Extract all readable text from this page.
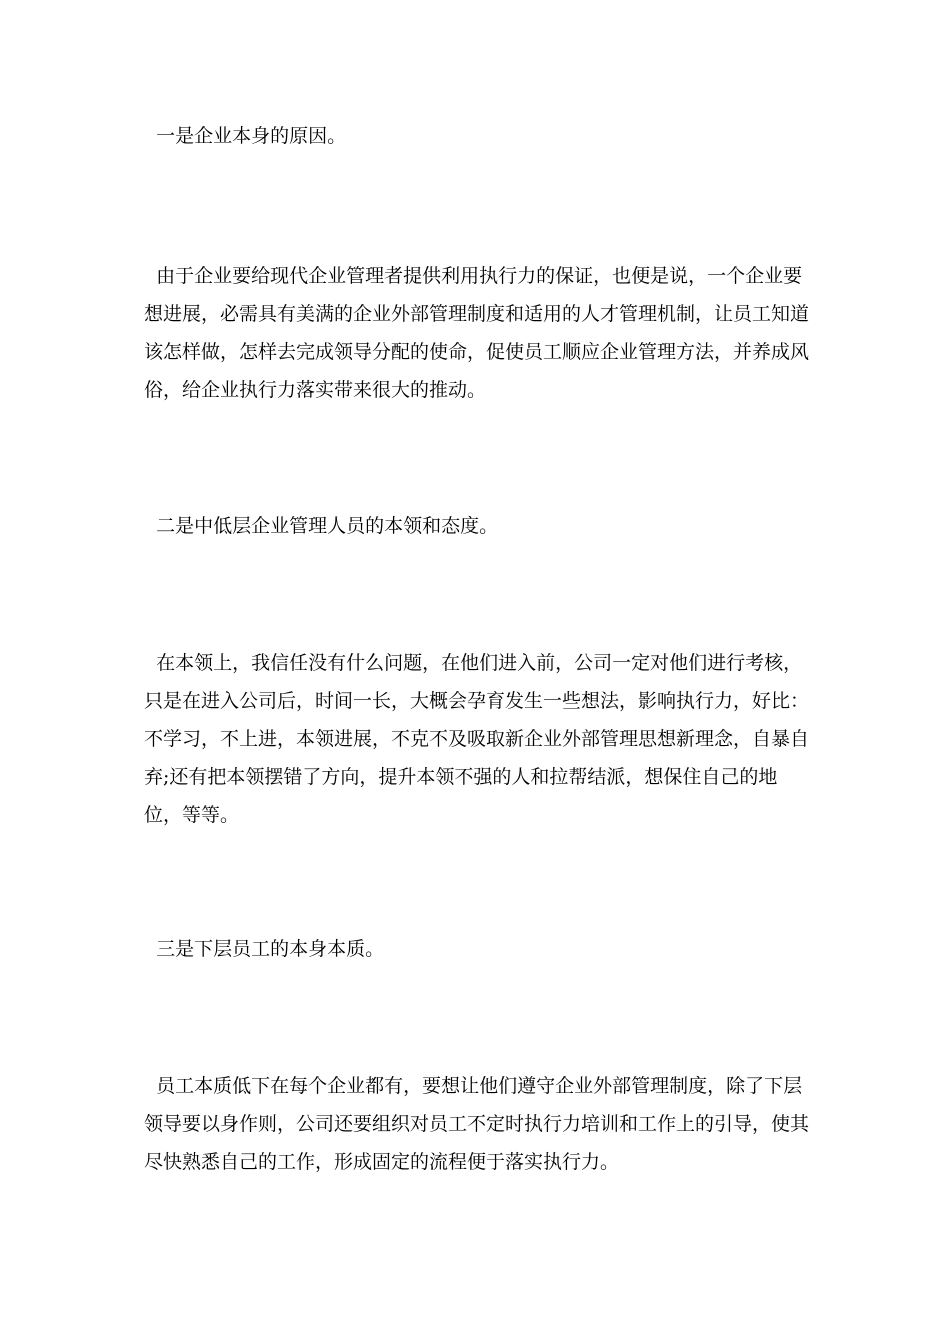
一是企业本身的原因。

由于企业要给现代企业管理者提供利用执行力的保证，也便是说，一个企业要想进展，必需具有美满的企业外部管理制度和适用的人才管理机制，让员工知道该怎样做，怎样去完成领导分配的使命，促使员工顺应企业管理方法，并养成风俗，给企业执行力落实带来很大的推动。

二是中低层企业管理人员的本领和态度。

在本领上，我信任没有什么问题，在他们进入前，公司一定对他们进行考核，只是在进入公司后，时间一长，大概会孕育发生一些想法，影响执行力，好比：不学习，不上进，本领进展，不克不及吸取新企业外部管理思想新理念，自暴自弃;还有把本领摆错了方向，提升本领不强的人和拉帮结派，想保住自己的地位，等等。

三是下层员工的本身本质。

员工本质低下在每个企业都有，要想让他们遵守企业外部管理制度，除了下层领导要以身作则，公司还要组织对员工不定时执行力培训和工作上的引导，使其尽快熟悉自己的工作，形成固定的流程便于落实执行力。
